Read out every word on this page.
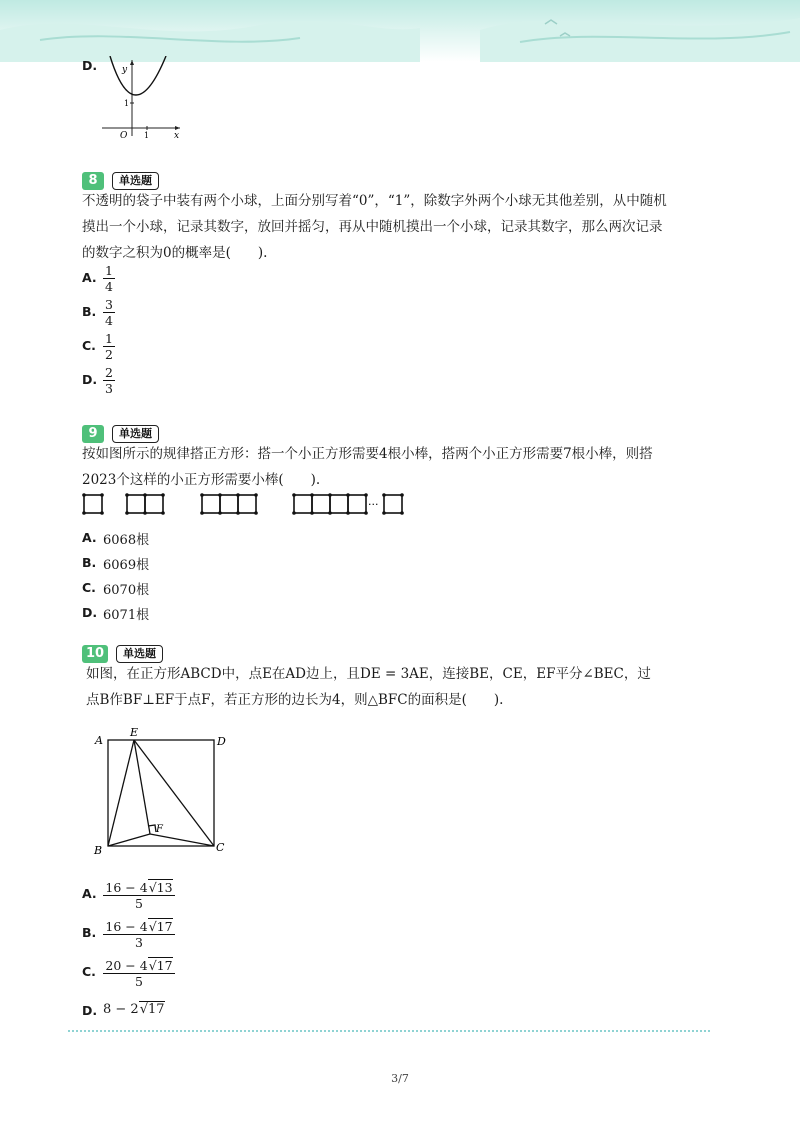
D.	y
x
O 1
1
8	单选题
不透明的袋子中装有两个小球，上面分别写着“0”，“1”，除数字外两个小球无其他差别，从中随机
摸出一个小球，记录其数字，放回并摇匀，再从中随机摸出一个小球，记录其数字，那么两次记录
的数字之积为0的概率是(　　).
A. 1
4
B. 3
4
C. 1
2
D. 2
3
9	单选题
按如图所示的规律搭正方形：搭一个小正方形需要4根小棒，搭两个小正方形需要7根小棒，则搭
2023个这样的小正方形需要小棒(　　).
···
A. 6068根
B. 6069根
C. 6070根
D. 6071根
10	单选题
如图，在正方形ABCD中，点E在AD边上，且DE = 3AE，连接BE，CE，EF平分∠BEC，过
点B作BF⊥EF于点F，若正方形的边长为4，则△BFC的面积是(　　).
A
E
D
B	C
F
A. 16 − 4√13
5
B. 16 − 4√17
3
C. 20 − 4√17
5
D. 8 − 2√17
3/7
